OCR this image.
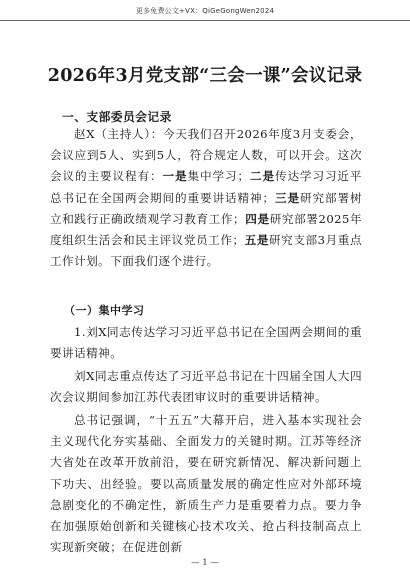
更多免费公文+VX：QiGeGongWen2024
2026年3月党支部“三会一课”会议记录
一、支部委员会记录
赵X（主持人）：今天我们召开2026年度3月支委会，会议应到5人、实到5人，符合规定人数，可以开会。这次会议的主要议程有：一是集中学习；二是传达学习习近平总书记在全国两会期间的重要讲话精神；三是研究部署树立和践行正确政绩观学习教育工作；四是研究部署2025年度组织生活会和民主评议党员工作；五是研究支部3月重点工作计划。下面我们逐个进行。
（一）集中学习
1.刘X同志传达学习习近平总书记在全国两会期间的重要讲话精神。
刘X同志重点传达了习近平总书记在十四届全国人大四次会议期间参加江苏代表团审议时的重要讲话精神。
总书记强调，“十五五”大幕开启，进入基本实现社会主义现代化夯实基础、全面发力的关键时期。江苏等经济大省处在改革开放前沿，要在研究新情况、解决新问题上下功夫、出经验。要以高质量发展的确定性应对外部环境急剧变化的不确定性，新质生产力是重要着力点。要力争在加强原始创新和关键核心技术攻关、抢占科技制高点上实现新突破；在促进创新
— 1 —
